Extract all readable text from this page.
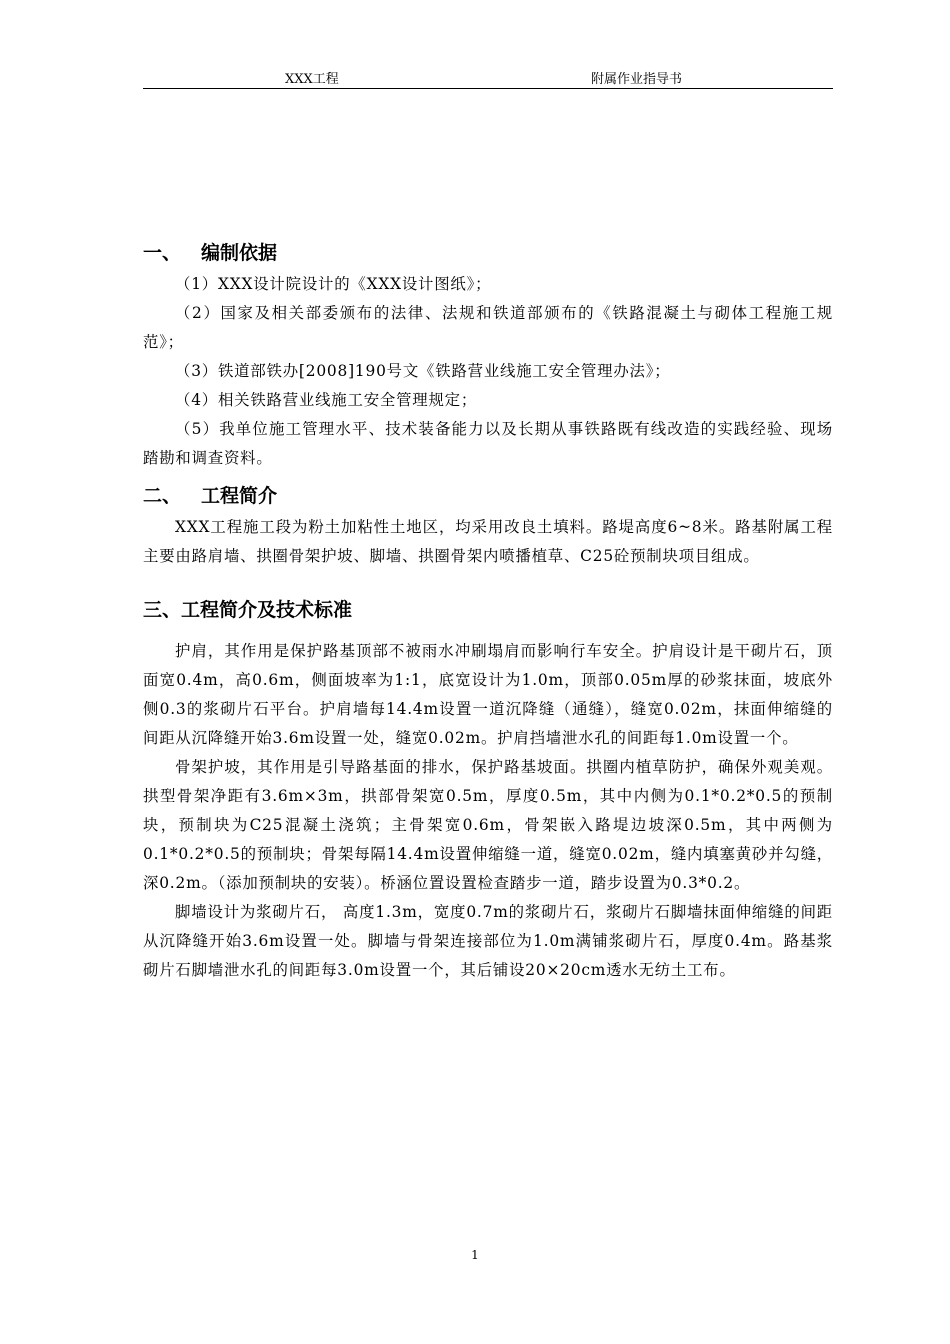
XXX工程	附属作业指导书
一、 编制依据
（1）XXX设计院设计的《XXX设计图纸》；
（2）国家及相关部委颁布的法律、法规和铁道部颁布的《铁路混凝土与砌体工程施工规范》；
（3）铁道部铁办[2008]190号文《铁路营业线施工安全管理办法》；
（4）相关铁路营业线施工安全管理规定；
（5）我单位施工管理水平、技术装备能力以及长期从事铁路既有线改造的实践经验、现场踏勘和调查资料。
二、 工程简介
XXX工程施工段为粉土加粘性土地区，均采用改良土填料。路堤高度6~8米。路基附属工程主要由路肩墙、拱圈骨架护坡、脚墙、拱圈骨架内喷播植草、C25砼预制块项目组成。
三、工程简介及技术标准
护肩，其作用是保护路基顶部不被雨水冲刷塌肩而影响行车安全。护肩设计是干砌片石，顶面宽0.4m，高0.6m，侧面坡率为1:1，底宽设计为1.0m，顶部0.05m厚的砂浆抹面，坡底外侧0.3的浆砌片石平台。护肩墙每14.4m设置一道沉降缝（通缝），缝宽0.02m，抹面伸缩缝的间距从沉降缝开始3.6m设置一处，缝宽0.02m。护肩挡墙泄水孔的间距每1.0m设置一个。
骨架护坡，其作用是引导路基面的排水，保护路基坡面。拱圈内植草防护，确保外观美观。拱型骨架净距有3.6m×3m，拱部骨架宽0.5m，厚度0.5m，其中内侧为0.1*0.2*0.5的预制块，预制块为C25混凝土浇筑；主骨架宽0.6m，骨架嵌入路堤边坡深0.5m，其中两侧为0.1*0.2*0.5的预制块；骨架每隔14.4m设置伸缩缝一道，缝宽0.02m，缝内填塞黄砂并勾缝，深0.2m。（添加预制块的安装）。桥涵位置设置检查踏步一道，踏步设置为0.3*0.2。
脚墙设计为浆砌片石， 高度1.3m，宽度0.7m的浆砌片石，浆砌片石脚墙抹面伸缩缝的间距从沉降缝开始3.6m设置一处。脚墙与骨架连接部位为1.0m满铺浆砌片石，厚度0.4m。路基浆砌片石脚墙泄水孔的间距每3.0m设置一个，其后铺设20×20cm透水无纺土工布。
1
